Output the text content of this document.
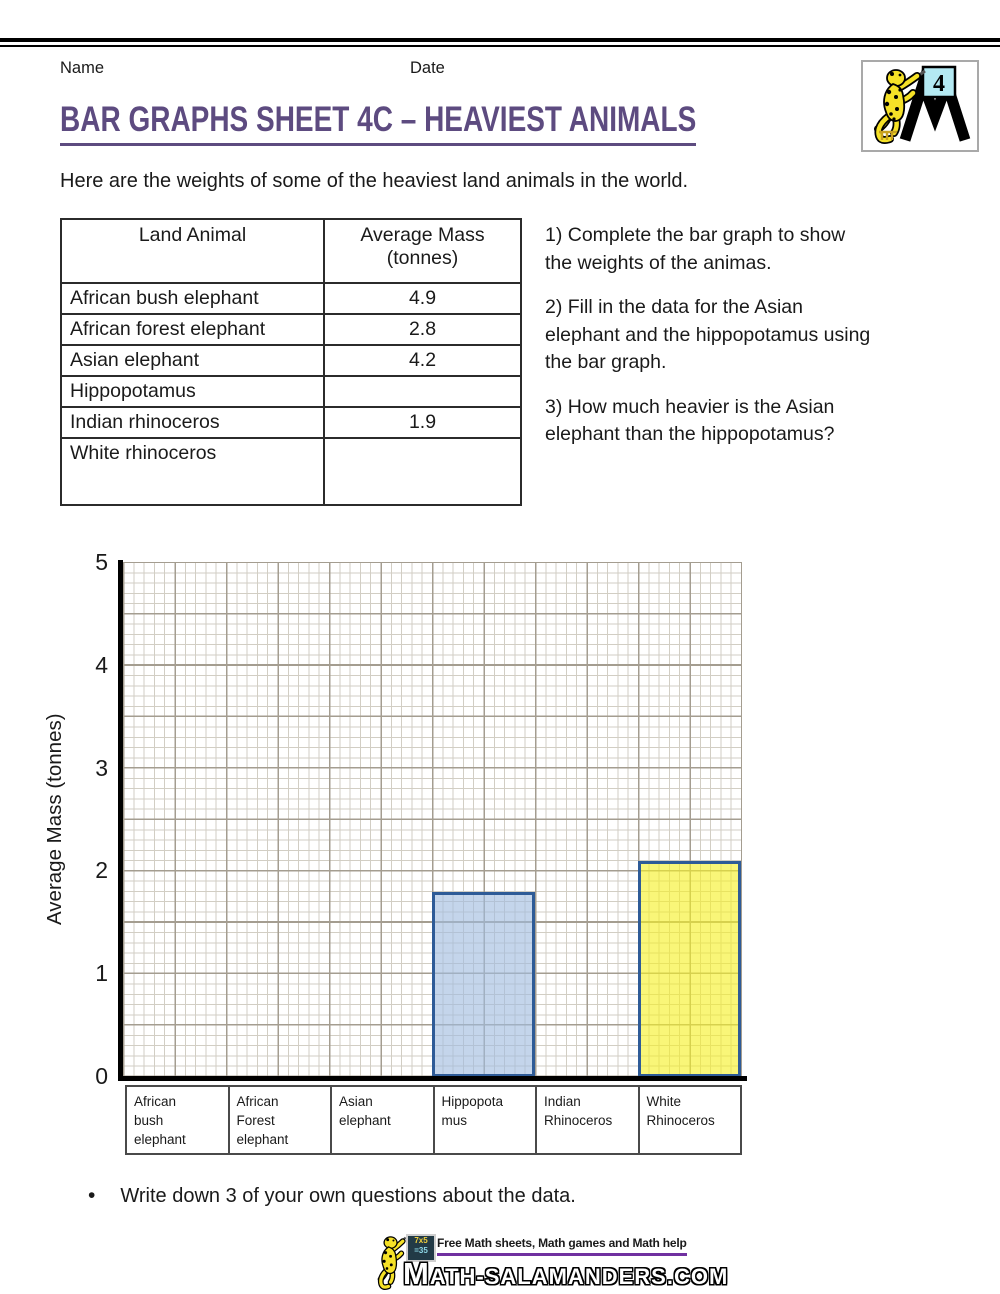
Name	Date
4
BAR GRAPHS SHEET 4C – HEAVIEST ANIMALS
Here are the weights of some of the heaviest land animals in the world.
Land Animal	Average Mass
(tonnes)

African bush elephant	4.9
African forest elephant	2.8
Asian elephant	4.2
Hippopotamus	
Indian rhinoceros	1.9
White rhinoceros	
1) Complete the bar graph to show
the weights of the animas.
2) Fill in the data for the Asian
elephant and the hippopotamus using
the bar graph.
3) How much heavier is the Asian
elephant than the hippopotamus?
Average Mass (tonnes)
5
4
3
2
1
0
African
bush
elephant
African
Forest
elephant
Asian
elephant
Hippopota
mus
Indian
Rhinoceros
White
Rhinoceros
• Write down 3 of your own questions about the data.
7x5
=35
Free Math sheets, Math games and Math help
MATH-SALAMANDERS.COM
